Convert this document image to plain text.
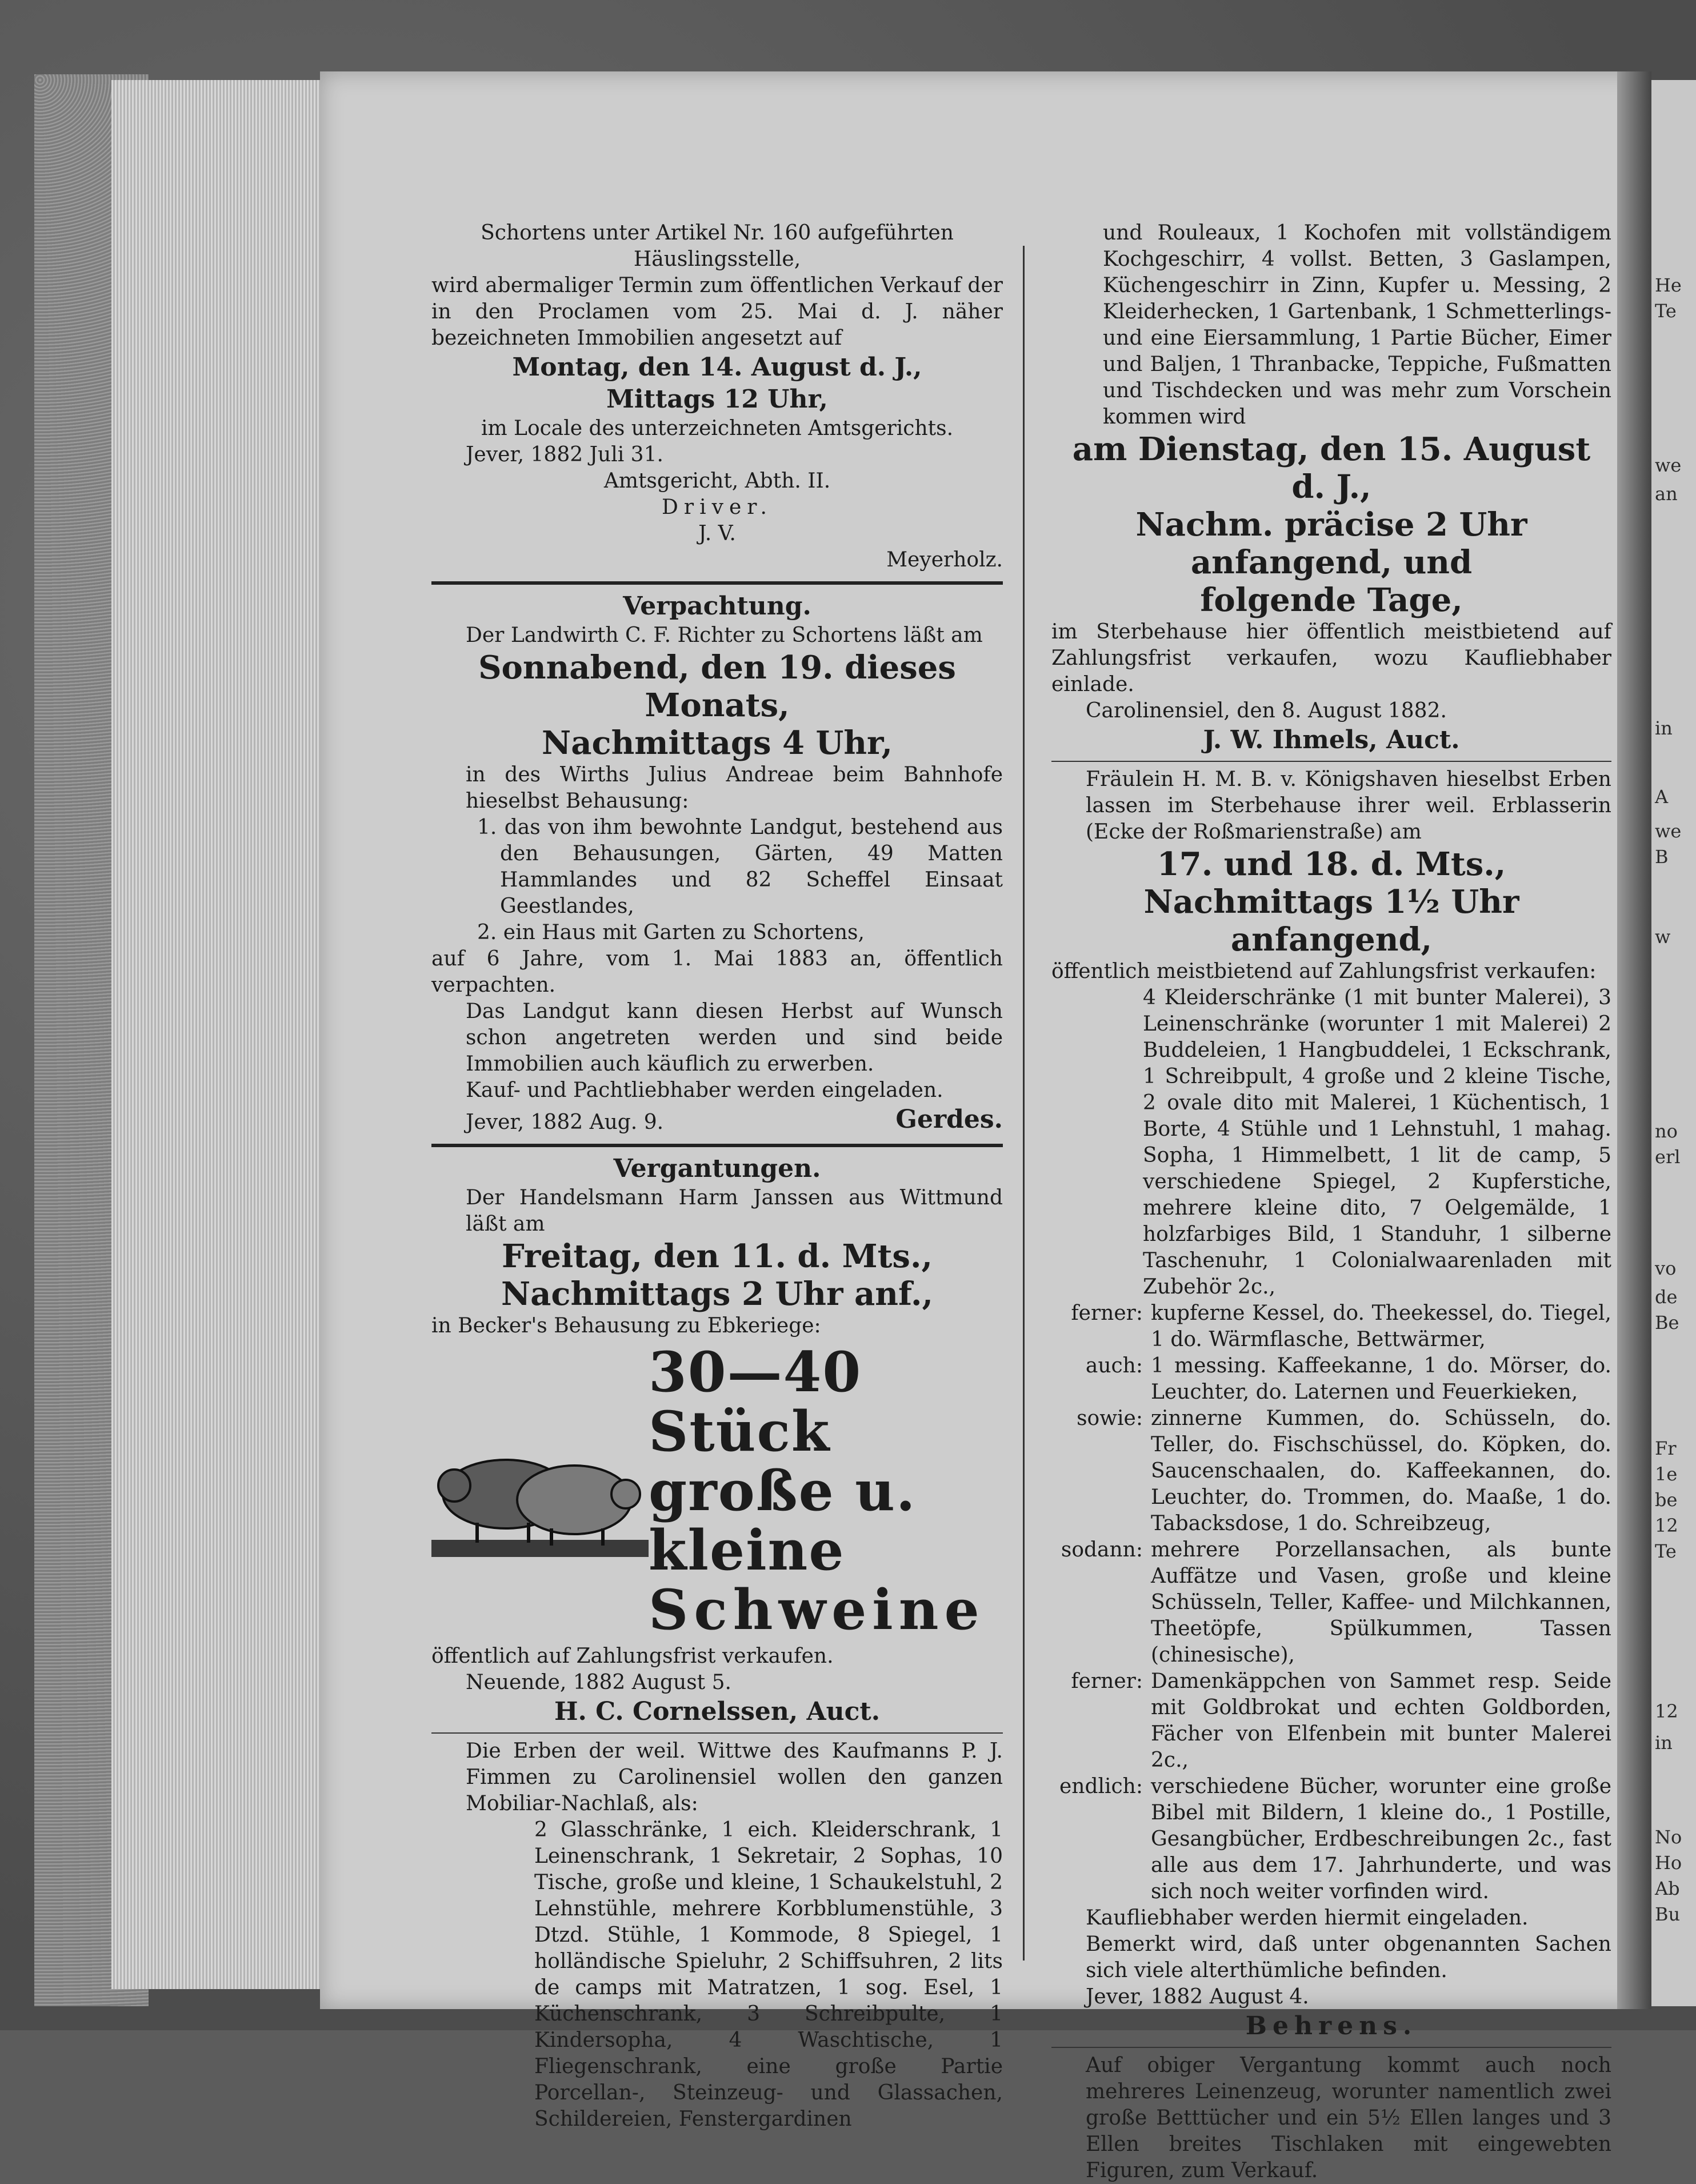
Schortens unter Artikel Nr. 160 aufgeführten Häuslingsstelle,

wird abermaliger Termin zum öffentlichen Verkauf der in den Proclamen vom 25. Mai d. J. näher bezeichneten Immobilien angesetzt auf

Montag, den 14. August d. J.,

Mittags 12 Uhr,

im Locale des unterzeichneten Amtsgerichts.

Jever, 1882 Juli 31.

Amtsgericht, Abth. II.

Driver.

J. V.

Meyerholz.

Verpachtung.

Der Landwirth C. F. Richter zu Schortens läßt am

Sonnabend, den 19. dieses Monats,

Nachmittags 4 Uhr,

in des Wirths Julius Andreae beim Bahnhofe hieselbst Behausung:

1. das von ihm bewohnte Landgut, bestehend aus den Behausungen, Gärten, 49 Matten Hammlandes und 82 Scheffel Einsaat Geestlandes,

2. ein Haus mit Garten zu Schortens,

auf 6 Jahre, vom 1. Mai 1883 an, öffentlich verpachten.

Das Landgut kann diesen Herbst auf Wunsch schon angetreten werden und sind beide Immobilien auch käuflich zu erwerben.

Kauf- und Pachtliebhaber werden eingeladen.

Jever, 1882 Aug. 9.	Gerdes.

Vergantungen.

Der Handelsmann Harm Janssen aus Wittmund läßt am

Freitag, den 11. d. Mts.,

Nachmittags 2 Uhr anf.,

in Becker's Behausung zu Ebkeriege:

30—40 Stück

große u. kleine

Schweine

öffentlich auf Zahlungsfrist verkaufen.

Neuende, 1882 August 5.

H. C. Cornelssen, Auct.

Die Erben der weil. Wittwe des Kaufmanns P. J. Fimmen zu Carolinensiel wollen den ganzen Mobiliar-Nachlaß, als:

2 Glasschränke, 1 eich. Kleiderschrank, 1 Leinenschrank, 1 Sekretair, 2 Sophas, 10 Tische, große und kleine, 1 Schaukelstuhl, 2 Lehnstühle, mehrere Korbblumenstühle, 3 Dtzd. Stühle, 1 Kommode, 8 Spiegel, 1 holländische Spieluhr, 2 Schiffsuhren, 2 lits de camps mit Matratzen, 1 sog. Esel, 1 Küchenschrank, 3 Schreibpulte, 1 Kindersopha, 4 Waschtische, 1 Fliegenschrank, eine große Partie Porcellan-, Steinzeug- und Glassachen, Schildereien, Fenstergardinen

und Rouleaux, 1 Kochofen mit vollständigem Kochgeschirr, 4 vollst. Betten, 3 Gaslampen, Küchengeschirr in Zinn, Kupfer u. Messing, 2 Kleiderhecken, 1 Gartenbank, 1 Schmetterlings- und eine Eiersammlung, 1 Partie Bücher, Eimer und Baljen, 1 Thranbacke, Teppiche, Fußmatten und Tischdecken und was mehr zum Vorschein kommen wird

am Dienstag, den 15. August d. J.,

Nachm. präcise 2 Uhr anfangend, und

folgende Tage,

im Sterbehause hier öffentlich meistbietend auf Zahlungsfrist verkaufen, wozu Kaufliebhaber einlade.

Carolinensiel, den 8. August 1882.

J. W. Ihmels, Auct.

Fräulein H. M. B. v. Königshaven hieselbst Erben lassen im Sterbehause ihrer weil. Erblasserin (Ecke der Roßmarienstraße) am

17. und 18. d. Mts.,

Nachmittags 1½ Uhr anfangend,

öffentlich meistbietend auf Zahlungsfrist verkaufen:

4 Kleiderschränke (1 mit bunter Malerei), 3 Leinenschränke (worunter 1 mit Malerei) 2 Buddeleien, 1 Hangbuddelei, 1 Eckschrank, 1 Schreibpult, 4 große und 2 kleine Tische, 2 ovale dito mit Malerei, 1 Küchentisch, 1 Borte, 4 Stühle und 1 Lehnstuhl, 1 mahag. Sopha, 1 Himmelbett, 1 lit de camp, 5 verschiedene Spiegel, 2 Kupferstiche, mehrere kleine dito, 7 Oelgemälde, 1 holzfarbiges Bild, 1 Standuhr, 1 silberne Taschenuhr, 1 Colonialwaarenladen mit Zubehör 2c.,

ferner: kupferne Kessel, do. Theekessel, do. Tiegel, 1 do. Wärmflasche, Bettwärmer,
auch: 1 messing. Kaffeekanne, 1 do. Mörser, do. Leuchter, do. Laternen und Feuerkieken,
sowie: zinnerne Kummen, do. Schüsseln, do. Teller, do. Fischschüssel, do. Köpken, do. Saucenschaalen, do. Kaffeekannen, do. Leuchter, do. Trommen, do. Maaße, 1 do. Tabacksdose, 1 do. Schreibzeug,
sodann: mehrere Porzellansachen, als bunte Auffätze und Vasen, große und kleine Schüsseln, Teller, Kaffee- und Milchkannen, Theetöpfe, Spülkummen, Tassen (chinesische),
ferner: Damenkäppchen von Sammet resp. Seide mit Goldbrokat und echten Goldborden, Fächer von Elfenbein mit bunter Malerei 2c.,
endlich: verschiedene Bücher, worunter eine große Bibel mit Bildern, 1 kleine do., 1 Postille, Gesangbücher, Erdbeschreibungen 2c., fast alle aus dem 17. Jahrhunderte, und was sich noch weiter vorfinden wird.

Kaufliebhaber werden hiermit eingeladen.

Bemerkt wird, daß unter obgenannten Sachen sich viele alterthümliche befinden.

Jever, 1882 August 4.

Behrens.

Auf obiger Vergantung kommt auch noch mehreres Leinenzeug, worunter namentlich zwei große Betttücher und ein 5½ Ellen langes und 3 Ellen breites Tischlaken mit eingewebten Figuren, zum Verkauf.

He
Te
we
an
in
A
we
B
w
no
erl
vo
de
Be
Fr
1e
be
12
Te
12
in
No
Ho
Ab
Bu
